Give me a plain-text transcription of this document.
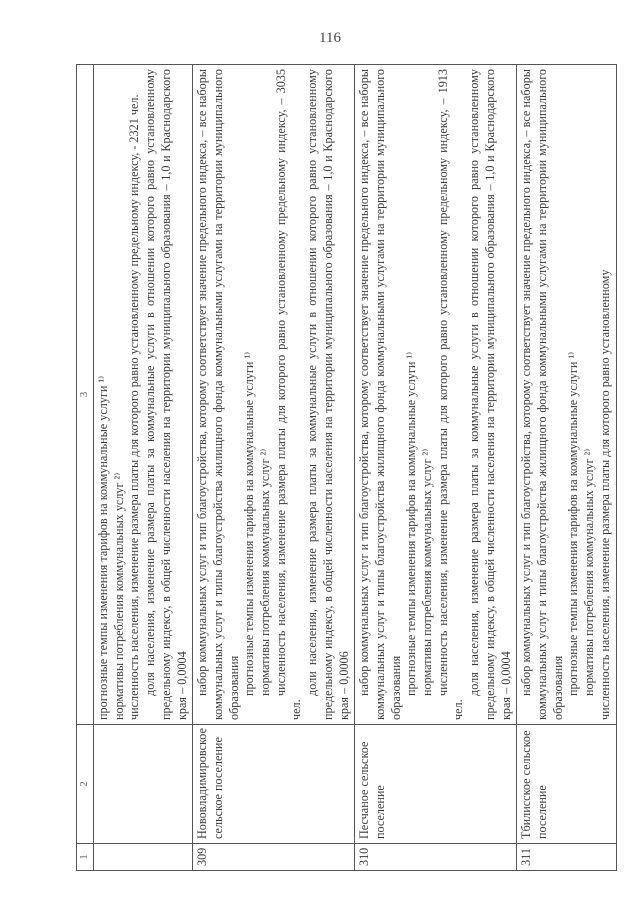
116
1	2	3

		прогнозные темпы изменения тарифов на коммунальные услуги ¹⁾ нормативы потребления коммунальных услуг ²⁾ численность населения, изменение размера платы для которого равно установленному предельному индексу, - 2321 чел. доля населения, изменение размера платы за коммунальные услуги в отношении которого равно установленному предельному индексу, в общей численности населения на территории муниципального образования – 1,0 и Краснодарского края – 0,0004

309	Нововладимировское сельское поселение	набор коммунальных услуг и тип благоустройства, которому соответствует значение предельного индекса, – все наборы коммунальных услуг и типы благоустройства жилищного фонда коммунальными услугами на территории муниципального образования прогнозные темпы изменения тарифов на коммунальные услуги ¹⁾ нормативы потребления коммунальных услуг ²⁾ численность населения, изменение размера платы для которого равно установленному предельному индексу, – 3035 чел.

доли населения, изменение размера платы за коммунальные услуги в отношении которого равно установленному предельному индексу, в общей численности населения на территории муниципального образования – 1,0 и Краснодарского края – 0,0006

310	Песчаное сельское поселение	набор коммунальных услуг и тип благоустройства, которому соответствует значение предельного индекса, – все наборы коммунальных услуг и типы благоустройства жилищного фонда коммунальными услугами на территории муниципального образования прогнозные темпы изменения тарифов на коммунальные услуги ¹⁾ нормативы потребления коммунальных услуг ²⁾ численность населения, изменение размера платы для которого равно установленному предельному индексу, – 1913 чел.

доля населения, изменение размера платы за коммунальные услуги в отношении которого равно установленному предельному индексу, в общей численности населения на территории муниципального образования – 1,0 и Краснодарского края – 0,0004

311	Тбилисское сельское поселение	набор коммунальных услуг и тип благоустройства, которому соответствует значение предельного индекса, – все наборы коммунальных услуг и типы благоустройства жилищного фонда коммунальными услугами на территории муниципального образования прогнозные темпы изменения тарифов на коммунальные услуги ¹⁾ нормативы потребления коммунальных услуг ²⁾ численность населения, изменение размера платы для которого равно установленному
